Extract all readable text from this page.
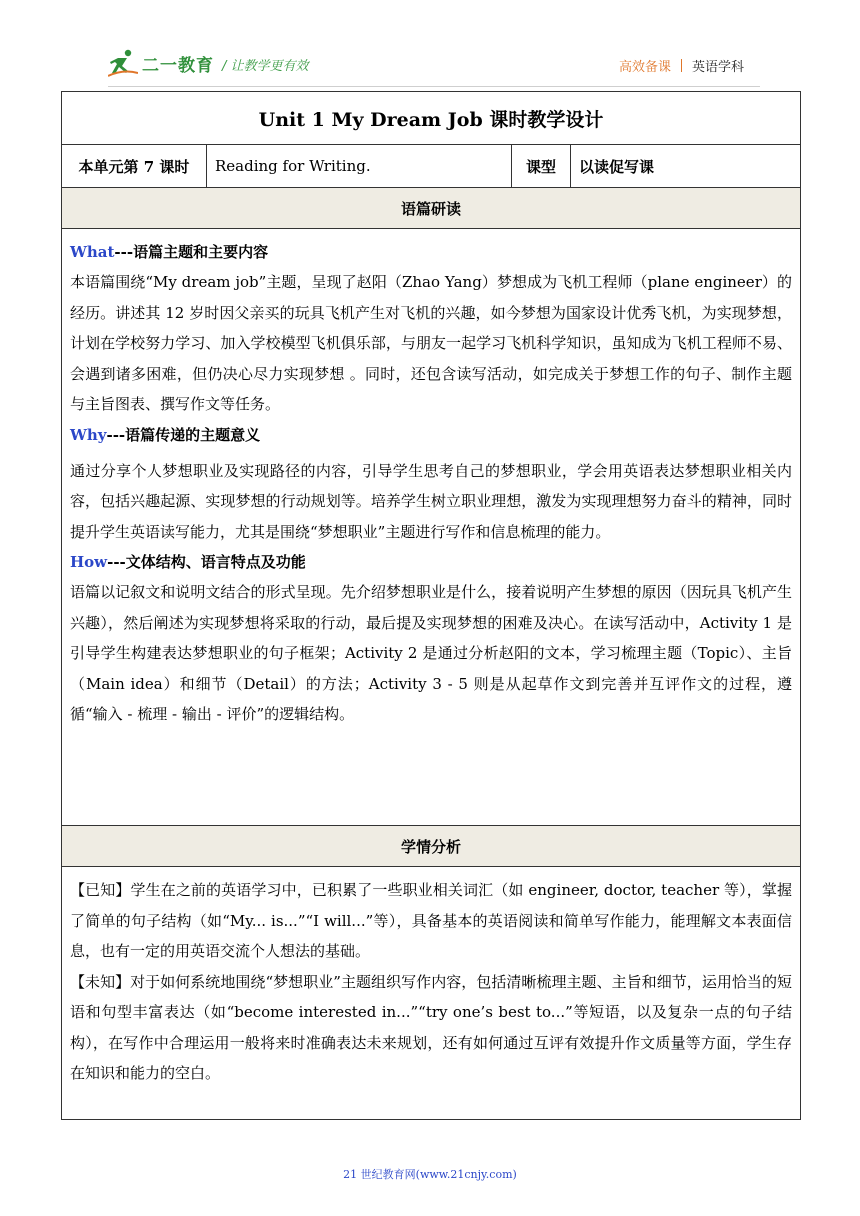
二一教育 / 让教学更有效	高效备课 英语学科
Unit 1 My Dream Job 课时教学设计
本单元第 7 课时	Reading for Writing.	课型	以读促写课
语篇研读

What---语篇主题和主要内容

本语篇围绕“My dream job”主题，呈现了赵阳（Zhao Yang）梦想成为飞机工程师（plane engineer）的经历。讲述其 12 岁时因父亲买的玩具飞机产生对飞机的兴趣，如今梦想为国家设计优秀飞机，为实现梦想，计划在学校努力学习、加入学校模型飞机俱乐部，与朋友一起学习飞机科学知识，虽知成为飞机工程师不易、会遇到诸多困难，但仍决心尽力实现梦想 。同时，还包含读写活动，如完成关于梦想工作的句子、制作主题与主旨图表、撰写作文等任务。

Why---语篇传递的主题意义

通过分享个人梦想职业及实现路径的内容，引导学生思考自己的梦想职业，学会用英语表达梦想职业相关内容，包括兴趣起源、实现梦想的行动规划等。培养学生树立职业理想，激发为实现理想努力奋斗的精神，同时提升学生英语读写能力，尤其是围绕“梦想职业”主题进行写作和信息梳理的能力。

How---文体结构、语言特点及功能

语篇以记叙文和说明文结合的形式呈现。先介绍梦想职业是什么，接着说明产生梦想的原因（因玩具飞机产生兴趣），然后阐述为实现梦想将采取的行动，最后提及实现梦想的困难及决心。在读写活动中，Activity 1 是引导学生构建表达梦想职业的句子框架；Activity 2 是通过分析赵阳的文本，学习梳理主题（Topic）、主旨（Main idea）和细节（Detail）的方法；Activity 3 - 5 则是从起草作文到完善并互评作文的过程，遵循“输入 - 梳理 - 输出 - 评价”的逻辑结构。

学情分析

【已知】学生在之前的英语学习中，已积累了一些职业相关词汇（如 engineer, doctor, teacher 等），掌握了简单的句子结构（如“My... is...”“I will...”等），具备基本的英语阅读和简单写作能力，能理解文本表面信息，也有一定的用英语交流个人想法的基础。

【未知】对于如何系统地围绕“梦想职业”主题组织写作内容，包括清晰梳理主题、主旨和细节，运用恰当的短语和句型丰富表达（如“become interested in...”“try one’s best to...”等短语，以及复杂一点的句子结构），在写作中合理运用一般将来时准确表达未来规划，还有如何通过互评有效提升作文质量等方面，学生存在知识和能力的空白。

21 世纪教育网(www.21cnjy.com)
